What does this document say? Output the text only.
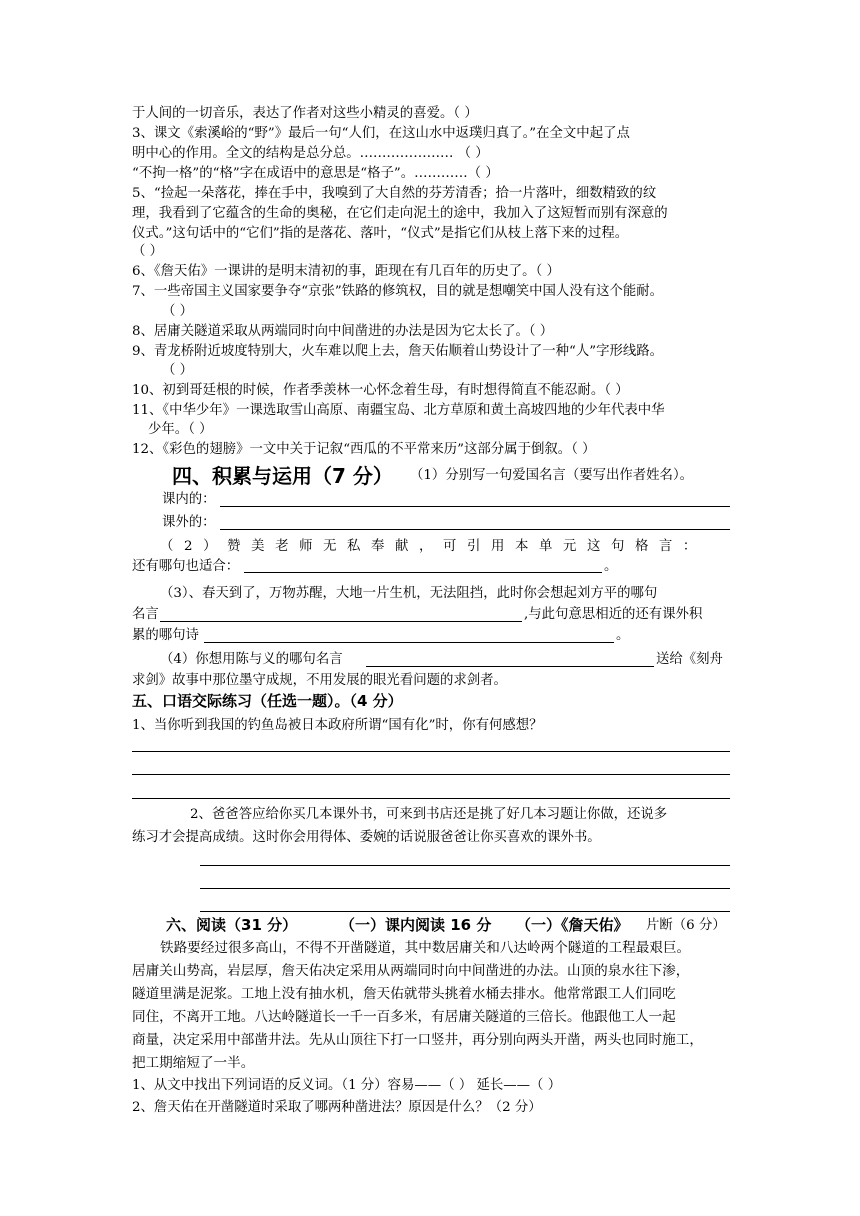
于人间的一切音乐，表达了作者对这些小精灵的喜爱。（ ）
3、课文《索溪峪的“野”》最后一句“人们，在这山水中返璞归真了。”在全文中起了点
明中心的作用。全文的结构是总分总。………………… （ ）
“不拘一格”的“格”字在成语中的意思是“格子”。…………（ ）
5、“捡起一朵落花，捧在手中，我嗅到了大自然的芬芳清香；拾一片落叶，细数精致的纹
理，我看到了它蕴含的生命的奥秘，在它们走向泥土的途中，我加入了这短暂而别有深意的
仪式。”这句话中的“它们”指的是落花、落叶，“仪式”是指它们从枝上落下来的过程。
（ ）
6、《詹天佑》一课讲的是明末清初的事，距现在有几百年的历史了。（ ）
7、一些帝国主义国家要争夺“京张”铁路的修筑权，目的就是想嘲笑中国人没有这个能耐。
（ ）
8、居庸关隧道采取从两端同时向中间凿进的办法是因为它太长了。（ ）
9、青龙桥附近坡度特别大，火车难以爬上去，詹天佑顺着山势设计了一种“人”字形线路。
（ ）
10、初到哥廷根的时候，作者季羡林一心怀念着生母，有时想得简直不能忍耐。（ ）
11、《中华少年》一课选取雪山高原、南疆宝岛、北方草原和黄土高坡四地的少年代表中华
少年。（ ）
12、《彩色的翅膀》一文中关于记叙“西瓜的不平常来历”这部分属于倒叙。（ ）
四、积累与运用（7 分） （1）分别写一句爱国名言（要写出作者姓名）。
课内的：
课外的：
（2）赞美老师无私奉献，可引用本单元这句格言：
还有哪句也适合：	。
（3）、春天到了，万物苏醒，大地一片生机，无法阻挡，此时你会想起刘方平的哪句
名言	,与此句意思相近的还有课外积
累的哪句诗	。
（4）你想用陈与义的哪句名言	送给《刻舟
求剑》故事中那位墨守成规，不用发展的眼光看问题的求剑者。
五、口语交际练习（任选一题）。（4 分）
1、当你听到我国的钓鱼岛被日本政府所谓“国有化”时，你有何感想？
2、爸爸答应给你买几本课外书，可来到书店还是挑了好几本习题让你做，还说多
练习才会提高成绩。这时你会用得体、委婉的话说服爸爸让你买喜欢的课外书。
六、阅读（31 分）	（一）课内阅读 16 分 （一）《詹天佑》 片断（6 分）
铁路要经过很多高山，不得不开凿隧道，其中数居庸关和八达岭两个隧道的工程最艰巨。
居庸关山势高，岩层厚，詹天佑决定采用从两端同时向中间凿进的办法。山顶的泉水往下渗，
隧道里满是泥浆。工地上没有抽水机，詹天佑就带头挑着水桶去排水。他常常跟工人们同吃
同住，不离开工地。八达岭隧道长一千一百多米，有居庸关隧道的三倍长。他跟他工人一起
商量，决定采用中部凿井法。先从山顶往下打一口竖井，再分别向两头开凿，两头也同时施工，
把工期缩短了一半。
1、从文中找出下列词语的反义词。（1 分）容易——（ ） 延长——（ ）
2、詹天佑在开凿隧道时采取了哪两种凿进法？原因是什么？（2 分）
